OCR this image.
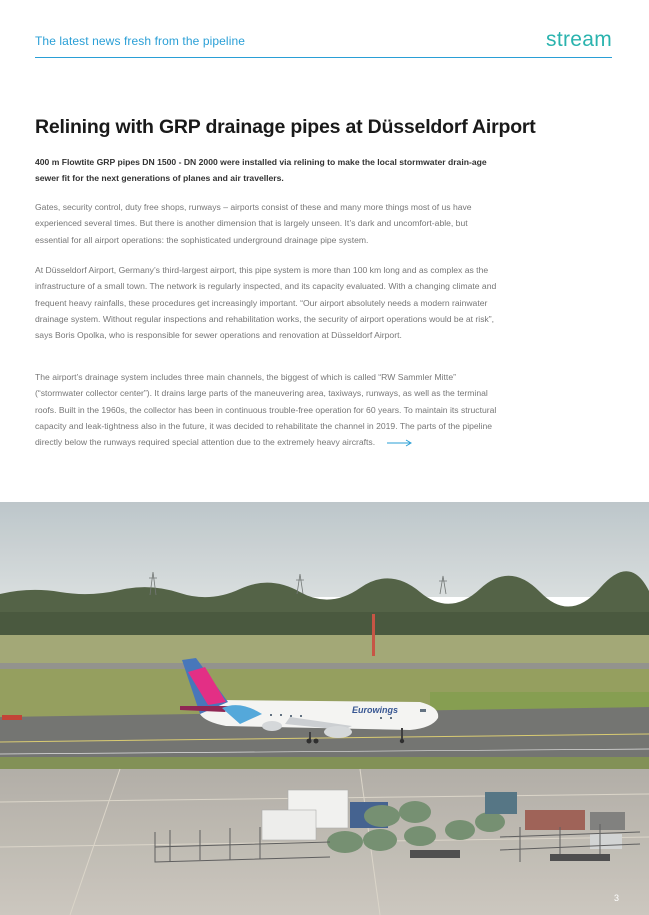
The latest news fresh from the pipeline	stream
Relining with GRP drainage pipes at Düsseldorf Airport

400 m Flowtite GRP pipes DN 1500 - DN 2000 were installed via relining to make the local stormwater drain-age sewer fit for the next generations of planes and air travellers.

Gates, security control, duty free shops, runways – airports consist of these and many more things most of us have experienced several times. But there is another dimension that is largely unseen. It’s dark and uncomfort-able, but essential for all airport operations: the sophisticated underground drainage pipe system.

At Düsseldorf Airport, Germany’s third-largest airport, this pipe system is more than 100 km long and as complex as the infrastructure of a small town. The network is regularly inspected, and its capacity evaluated. With a changing climate and frequent heavy rainfalls, these procedures get increasingly important. “Our airport absolutely needs a modern rainwater drainage system. Without regular inspections and rehabilitation works, the security of airport operations would be at risk”, says Boris Opolka, who is responsible for sewer operations and renovation at Düsseldorf Airport.

The airport’s drainage system includes three main channels, the biggest of which is called “RW Sammler Mitte” (“stormwater collector center”). It drains large parts of the maneuvering area, taxiways, runways, as well as the terminal roofs. Built in the 1960s, the collector has been in continuous trouble-free operation for 60 years. To maintain its structural capacity and leak-tightness also in the future, it was decided to rehabilitate the channel in 2019. The parts of the pipeline directly below the runways required special attention due to the extremely heavy aircrafts.

Eurowings
3
